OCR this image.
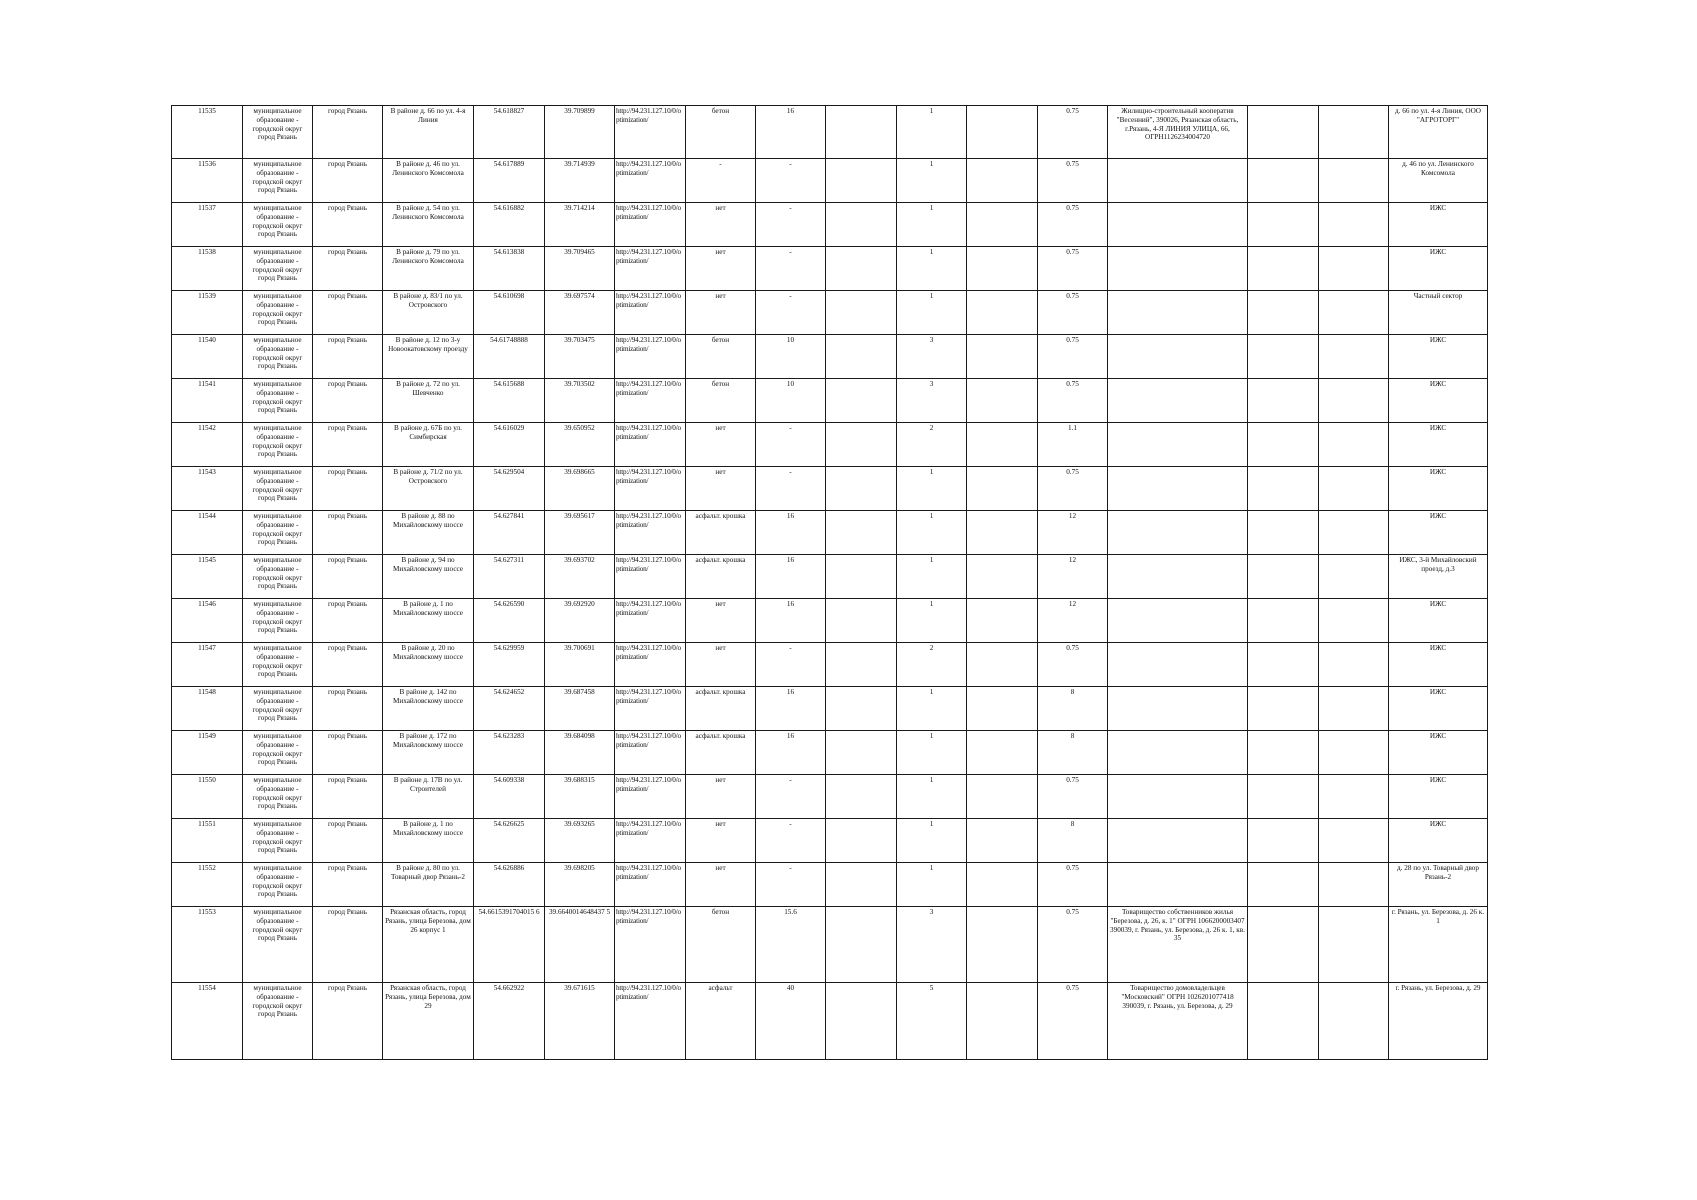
11535	муниципальное образование - городской округ город Рязань	город Рязань	В районе д. 66 по ул. 4-я Линия	54.618827	39.709899	http://94.231.127.10/0/optimization/	бетон	16		1		0.75	Жилищно-строительный кооператив "Весенний", 390026, Рязанская область, г.Рязань, 4-Я ЛИНИЯ УЛИЦА, 66, ОГРН1126234004720			д. 66 по ул. 4-я Линия, ООО "АГРОТОРГ"
11536	муниципальное образование - городской округ город Рязань	город Рязань	В районе д. 46 по ул. Ленинского Комсомола	54.617889	39.714939	http://94.231.127.10/0/optimization/	-	-		1		0.75				д. 46 по ул. Ленинского Комсомола
11537	муниципальное образование - городской округ город Рязань	город Рязань	В районе д. 54 по ул. Ленинского Комсомола	54.616882	39.714214	http://94.231.127.10/0/optimization/	нет	-		1		0.75				ИЖС
11538	муниципальное образование - городской округ город Рязань	город Рязань	В районе д. 79 по ул. Ленинского Комсомола	54.613838	39.709465	http://94.231.127.10/0/optimization/	нет	-		1		0.75				ИЖС
11539	муниципальное образование - городской округ город Рязань	город Рязань	В районе д. 83/1 по ул. Островского	54.610698	39.697574	http://94.231.127.10/0/optimization/	нет	-		1		0.75				Частный сектор
11540	муниципальное образование - городской округ город Рязань	город Рязань	В районе д. 12 по 3-у Новоокатовскому проезду	54.61748888	39.703475	http://94.231.127.10/0/optimization/	бетон	10		3		0.75				ИЖС
11541	муниципальное образование - городской округ город Рязань	город Рязань	В районе д. 72 по ул. Шевченко	54.615688	39.703502	http://94.231.127.10/0/optimization/	бетон	10		3		0.75				ИЖС
11542	муниципальное образование - городской округ город Рязань	город Рязань	В районе д. 67Б по ул. Симбирская	54.616029	39.650952	http://94.231.127.10/0/optimization/	нет	-		2		1.1				ИЖС
11543	муниципальное образование - городской округ город Рязань	город Рязань	В районе д. 71/2 по ул. Островского	54.629504	39.698665	http://94.231.127.10/0/optimization/	нет	-		1		0.75				ИЖС
11544	муниципальное образование - городской округ город Рязань	город Рязань	В районе д. 88 по Михайловскому шоссе	54.627841	39.695617	http://94.231.127.10/0/optimization/	асфальт. крошка	16		1		12				ИЖС
11545	муниципальное образование - городской округ город Рязань	город Рязань	В районе д. 94 по Михайловскому шоссе	54.627311	39.693702	http://94.231.127.10/0/optimization/	асфальт. крошка	16		1		12				ИЖС, 3-й Михайловский проезд, д.3
11546	муниципальное образование - городской округ город Рязань	город Рязань	В районе д. 1 по Михайловскому шоссе	54.626590	39.692920	http://94.231.127.10/0/optimization/	нет	16		1		12				ИЖС
11547	муниципальное образование - городской округ город Рязань	город Рязань	В районе д. 20 по Михайловскому шоссе	54.629959	39.700691	http://94.231.127.10/0/optimization/	нет	-		2		0.75				ИЖС
11548	муниципальное образование - городской округ город Рязань	город Рязань	В районе д. 142 по Михайловскому шоссе	54.624652	39.687458	http://94.231.127.10/0/optimization/	асфальт. крошка	16		1		8				ИЖС
11549	муниципальное образование - городской округ город Рязань	город Рязань	В районе д. 172 по Михайловскому шоссе	54.623283	39.684098	http://94.231.127.10/0/optimization/	асфальт. крошка	16		1		8				ИЖС
11550	муниципальное образование - городской округ город Рязань	город Рязань	В районе д. 17В по ул. Строителей	54.609338	39.688315	http://94.231.127.10/0/optimization/	нет	-		1		0.75				ИЖС
11551	муниципальное образование - городской округ город Рязань	город Рязань	В районе д. 1 по Михайловскому шоссе	54.626625	39.693265	http://94.231.127.10/0/optimization/	нет	-		1		8				ИЖС
11552	муниципальное образование - городской округ город Рязань	город Рязань	В районе д. 80 по ул. Товарный двор Рязань-2	54.626886	39.698205	http://94.231.127.10/0/optimization/	нет	-		1		0.75				д. 28 по ул. Товарный двор Рязань-2
11553	муниципальное образование - городской округ город Рязань	город Рязань	Рязанская область, город Рязань, улица Березова, дом 26 корпус 1	54.6615391704015 6	39.6640014648437 5	http://94.231.127.10/0/optimization/	бетон	15.6		3		0.75	Товарищество собственников жилья "Березова, д. 26, к. 1" ОГРН 1066200003407 390039, г. Рязань, ул. Березова, д. 26 к. 1, кв. 35			г. Рязань, ул. Березова, д. 26 к. 1
11554	муниципальное образование - городской округ город Рязань	город Рязань	Рязанская область, город Рязань, улица Березова, дом 29	54.662922	39.671615	http://94.231.127.10/0/optimization/	асфальт	40		5		0.75	Товарищество домовладельцев "Московский" ОГРН 1026201077418 390039, г. Рязань, ул. Березова, д. 29			г. Рязань, ул. Березова, д. 29
